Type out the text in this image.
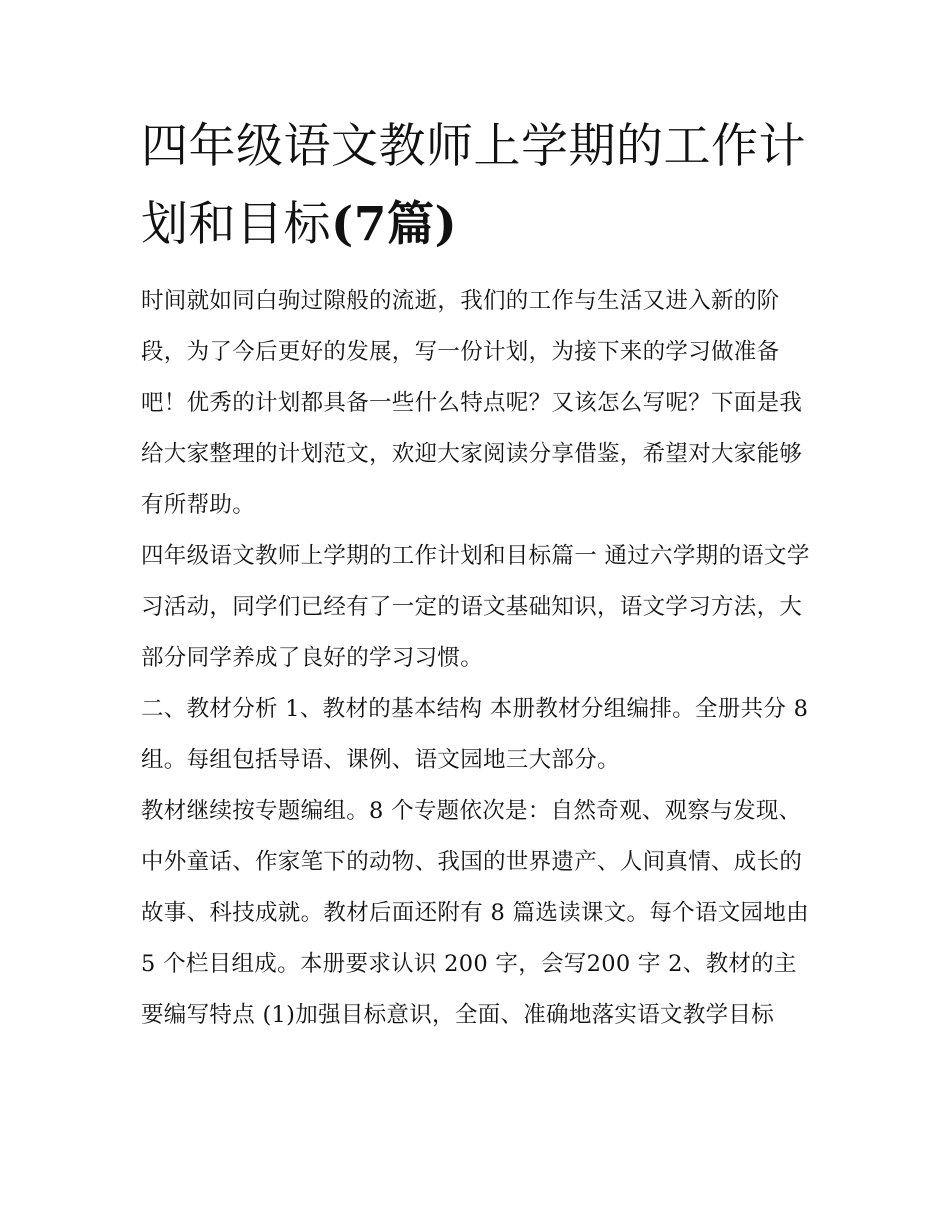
四年级语文教师上学期的工作计划和目标(7篇)

时间就如同白驹过隙般的流逝，我们的工作与生活又进入新的阶段，为了今后更好的发展，写一份计划，为接下来的学习做准备吧！优秀的计划都具备一些什么特点呢？又该怎么写呢？下面是我给大家整理的计划范文，欢迎大家阅读分享借鉴，希望对大家能够有所帮助。

四年级语文教师上学期的工作计划和目标篇一 通过六学期的语文学习活动，同学们已经有了一定的语文基础知识，语文学习方法，大部分同学养成了良好的学习习惯。

二、教材分析 1、教材的基本结构 本册教材分组编排。全册共分 8 组。每组包括导语、课例、语文园地三大部分。

教材继续按专题编组。8 个专题依次是：自然奇观、观察与发现、中外童话、作家笔下的动物、我国的世界遗产、人间真情、成长的故事、科技成就。教材后面还附有 8 篇选读课文。每个语文园地由 5 个栏目组成。本册要求认识 200 字，会写200 字 2、教材的主要编写特点 (1)加强目标意识，全面、准确地落实语文教学目标
